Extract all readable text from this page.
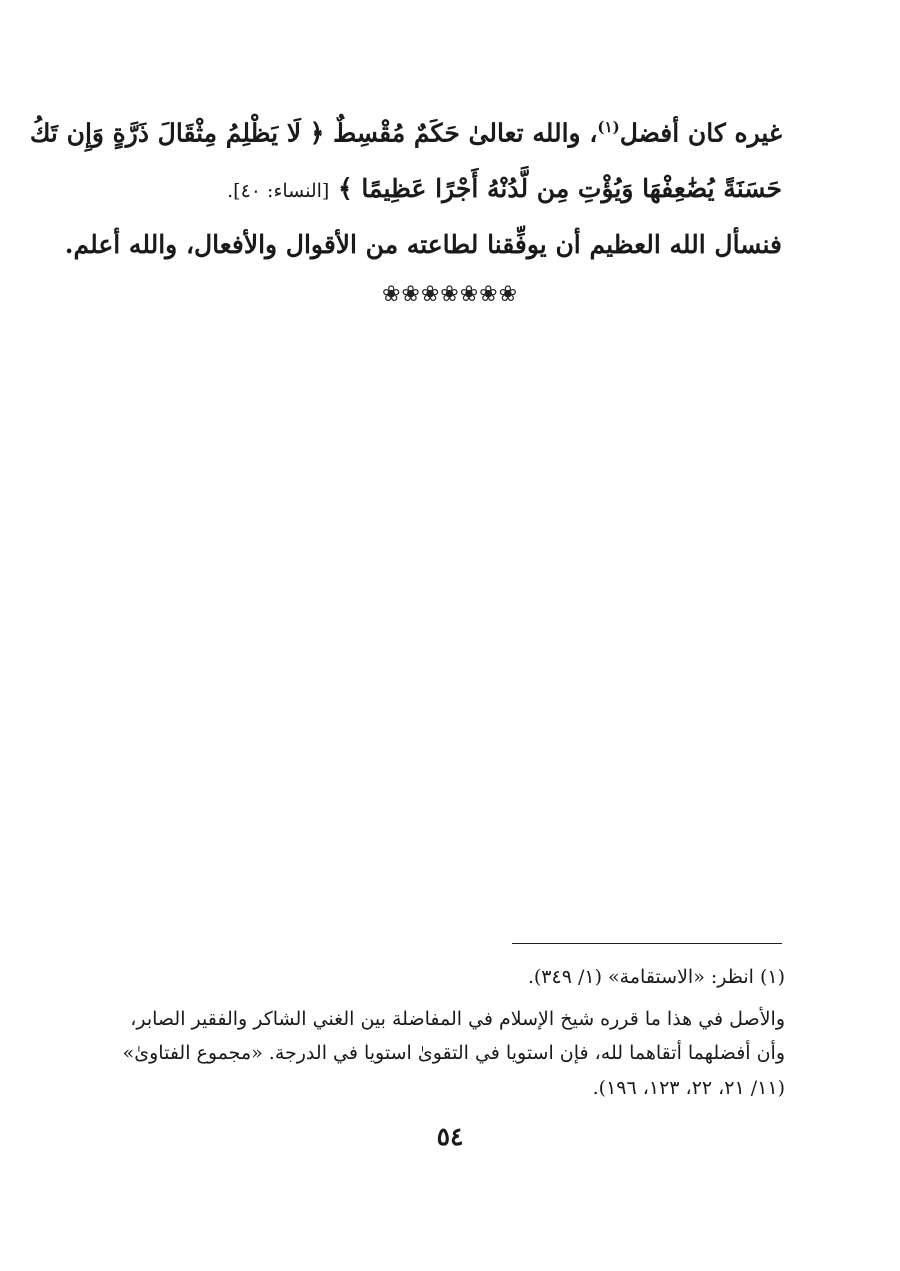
غيره كان أفضل$^{(١)}$، والله تعالىٰ حَكَمٌ مُقْسِطٌ ﴿ لَا يَظْلِمُ مِثْقَالَ ذَرَّةٍ وَإِن تَكُ
حَسَنَةً يُضَٰعِفْهَا وَيُؤْتِ مِن لَّدُنْهُ أَجْرًا عَظِيمًا ﴾ [النساء: ٤٠].
فنسأل الله العظيم أن يوفِّقنا لطاعته من الأقوال والأفعال، والله أعلم.
❀❀❀❀❀❀❀
(١) انظر: «الاستقامة» (١/ ٣٤٩).
والأصل في هذا ما قرره شيخ الإسلام في المفاضلة بين الغني الشاكر والفقير الصابر،
وأن أفضلهما أتقاهما لله، فإن استويا في التقوىٰ استويا في الدرجة. «مجموع الفتاوىٰ»
(١١/ ٢١، ٢٢، ١٢٣، ١٩٦).
٥٤
